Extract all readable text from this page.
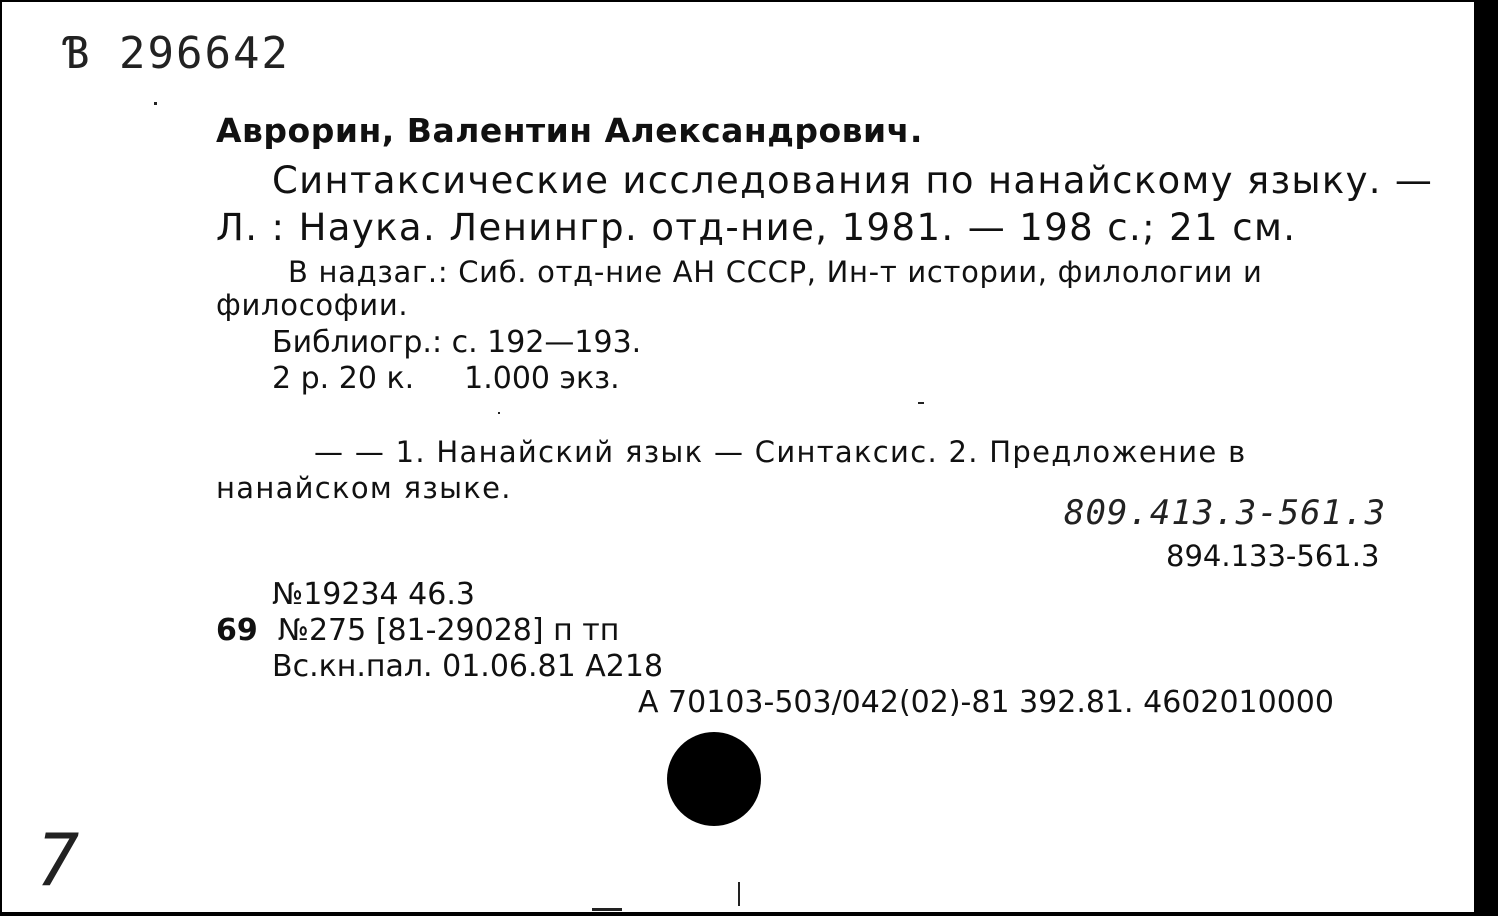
Ɓ 296642
Аврорин, Валентин Александрович.
Синтаксические исследования по нанайскому языку. —
Л. : Наука. Ленингр. отд-ние, 1981. — 198 с.; 21 см.
В надзаг.: Сиб. отд-ние АН СССР, Ин-т истории, филологии и
философии.
Библиогр.: с. 192—193.
2 р. 20 к. 1.000 экз.
— — 1. Нанайский язык — Синтаксис. 2. Предложение в
нанайском языке.
809.413.3-561.3
894.133-561.3
№19234 46.3
69 №275 [81-29028] п тп
Вс.кн.пал. 01.06.81 А218
А 70103-503/042(02)-81 392.81. 4602010000
7
